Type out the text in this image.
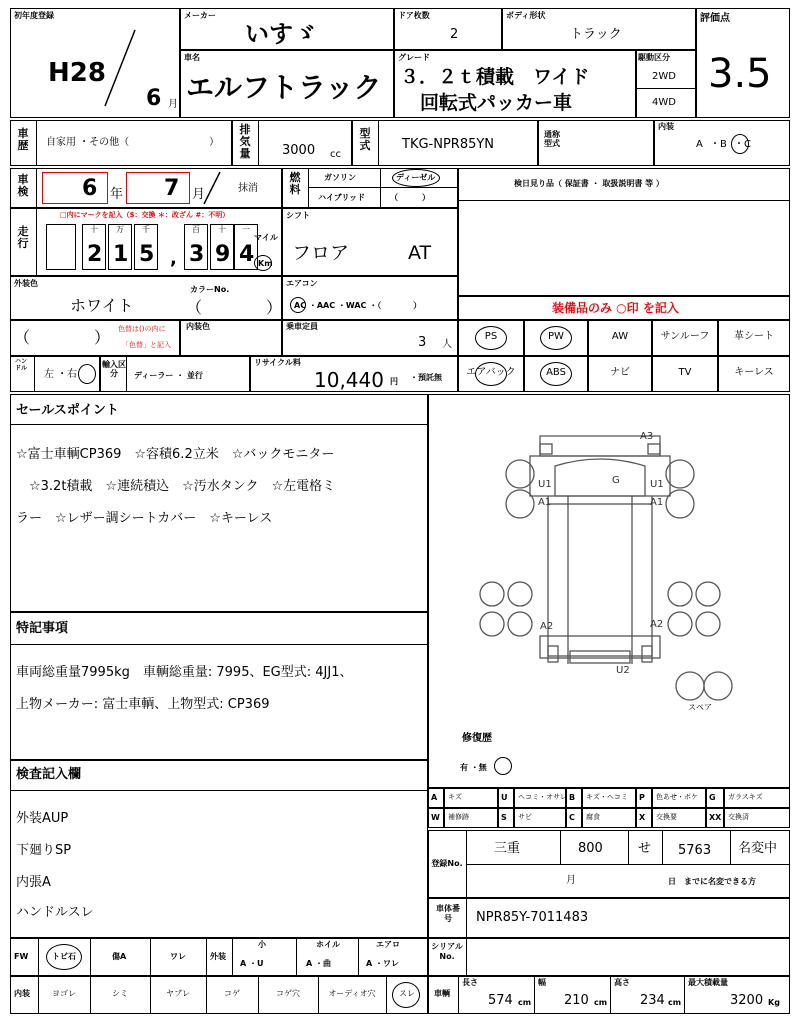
初年度登録
H28
6 月
メーカー
いすゞ
ドア枚数
2
ボディ形状
トラック
評価点
3.5
車名
エルフトラック
グレード
３．２ｔ積載　ワイド
回転式パッカー車
駆動区分
2WD
4WD
車歴 自家用 ・その他（　　　　　　　　）
排気量 3000 cc
型式 TKG-NPR85YN
通称型式
内装
A ・B ・C
車検 6 年 7 月	抹消
燃料
ガソリン	ディーゼル
ハイブリッド	（　　　）
検日見り品（ 保証書 ・ 取扱説明書 等 ）
走行
□内にマークを記入（$：交換 ＊：改ざん #：不明）
十
2
万
1
千
5
百
3
十
9
一
4
,
マイル
Km
シフト
フロア	AT
外装色
ホワイト
カラーNo.
（　　　　）
エアコン
AC ・AAC ・WAC ・（　　　　）	装備品のみ ○印 を記入
（　　　　） 色替は()の内に
「色替」と記入
内装色	乗車定員
3 人
PS	PW	AW	サンルーフ	革シート
エアバック	ABS	ナビ	TV	キーレス
ハンドル
左 ・右
輸入区分	ディーラー ・ 並行
リサイクル料
10,440 円 ・預託無
セールスポイント
☆富士車輌CP369　☆容積6.2立米　☆バックモニター
　☆3.2t積載　☆連続積込　☆汚水タンク　☆左電格ミ
ラー　☆レザー調シートカバー　☆キーレス
特記事項
車両総重量7995kg　車輌総重量: 7995、EG型式: 4JJ1、
上物メーカー: 富士車輌、上物型式: CP369
検査記入欄
外装AUP
下廻りSP
内張A
ハンドルスレ
A3
U1
A1
G	U1
A1
A2	A2
U2
スペア
修復歴
有 ・無
A キズ	U ヘコミ・オサレ B キズ・ヘコミ P 色あせ・ボケ G ガラスキズ
W 補修跡	S サビ	C 腐食	X 交換要	XX 交換済
登録No.
三重	800	せ 5763 名変中
月	日　までに名変できる方
車体番号	NPR85Y-7011483
FW	トビ石	傷A	ワレ	外装
小
A ・U
ホイル
A ・曲
エアロ
A ・ワレ
シリアルNo.
内装	ヨゴレ	シミ	ヤブレ	コゲ	コゲ穴	オーディオ穴	スレ	車輌
長さ
574 cm
幅
210 cm
高さ
234 cm
最大積載量
3200 Kg
